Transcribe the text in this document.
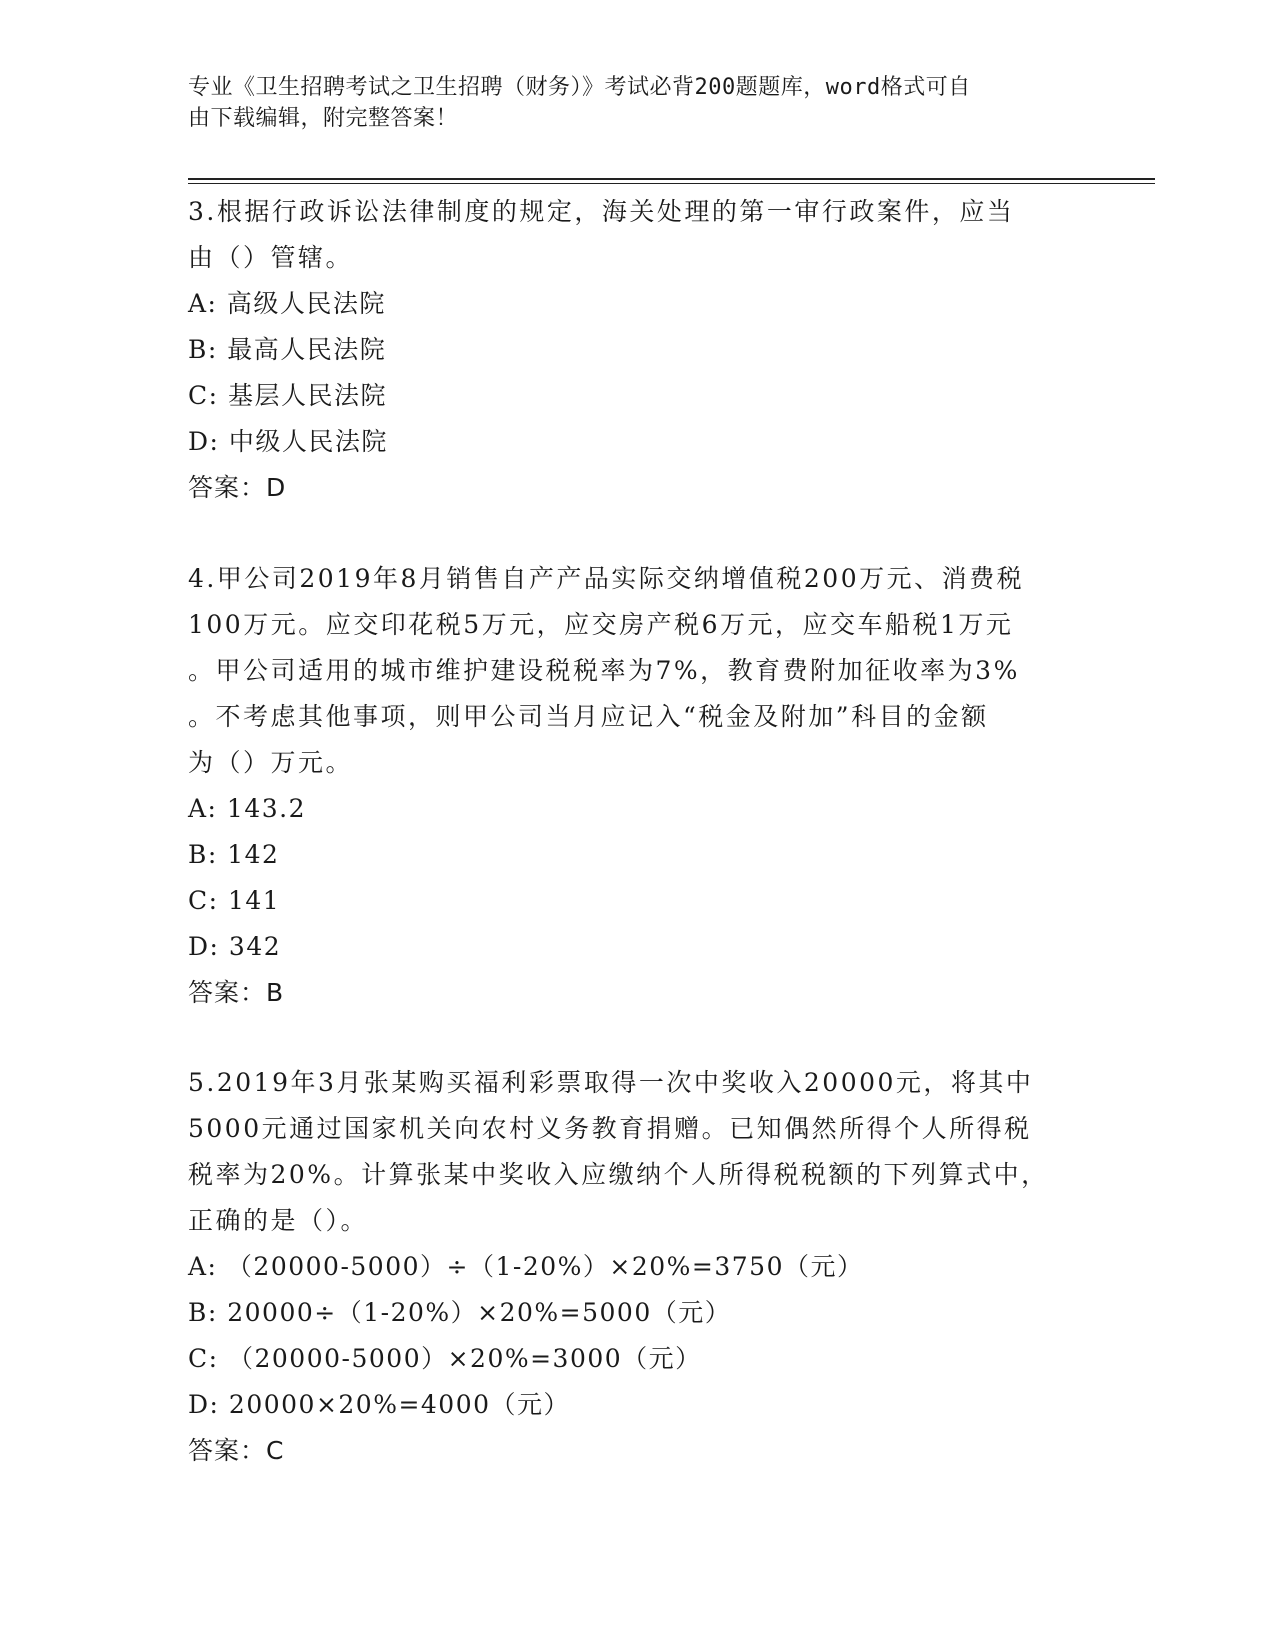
专业《卫生招聘考试之卫生招聘（财务）》考试必背200题题库，word格式可自
由下载编辑，附完整答案！

3.根据行政诉讼法律制度的规定，海关处理的第一审行政案件，应当

由（）管辖。

A: 高级人民法院

B: 最高人民法院

C: 基层人民法院

D: 中级人民法院

答案：D

4.甲公司2019年8月销售自产产品实际交纳增值税200万元、消费税

100万元。应交印花税5万元，应交房产税6万元，应交车船税1万元

。甲公司适用的城市维护建设税税率为7%，教育费附加征收率为3%

。不考虑其他事项，则甲公司当月应记入“税金及附加”科目的金额

为（）万元。

A: 143.2

B: 142

C: 141

D: 342

答案：B

5.2019年3月张某购买福利彩票取得一次中奖收入20000元，将其中

5000元通过国家机关向农村义务教育捐赠。已知偶然所得个人所得税

税率为20%。计算张某中奖收入应缴纳个人所得税税额的下列算式中，

正确的是（）。

A: （20000-5000）÷（1-20%）×20%=3750（元）

B: 20000÷（1-20%）×20%=5000（元）

C: （20000-5000）×20%=3000（元）

D: 20000×20%=4000（元）

答案：C
